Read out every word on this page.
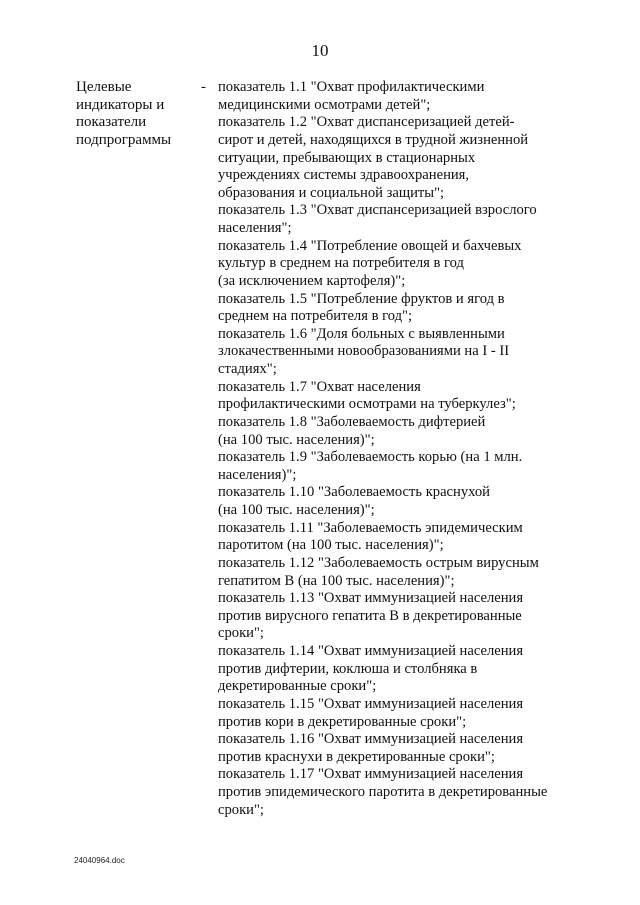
10
Целевые
индикаторы и
показатели
подпрограммы
- показатель 1.1 "Охват профилактическими
медицинскими осмотрами детей";
показатель 1.2 "Охват диспансеризацией детей-
сирот и детей, находящихся в трудной жизненной
ситуации, пребывающих в стационарных
учреждениях системы здравоохранения,
образования и социальной защиты";
показатель 1.3 "Охват диспансеризацией взрослого
населения";
показатель 1.4 "Потребление овощей и бахчевых
культур в среднем на потребителя в год
(за исключением картофеля)";
показатель 1.5 "Потребление фруктов и ягод в
среднем на потребителя в год";
показатель 1.6 "Доля больных с выявленными
злокачественными новообразованиями на I - II
стадиях";
показатель 1.7 "Охват населения
профилактическими осмотрами на туберкулез";
показатель 1.8 "Заболеваемость дифтерией
(на 100 тыс. населения)";
показатель 1.9 "Заболеваемость корью (на 1 млн.
населения)";
показатель 1.10 "Заболеваемость краснухой
(на 100 тыс. населения)";
показатель 1.11 "Заболеваемость эпидемическим
паротитом (на 100 тыс. населения)";
показатель 1.12 "Заболеваемость острым вирусным
гепатитом B (на 100 тыс. населения)";
показатель 1.13 "Охват иммунизацией населения
против вирусного гепатита B в декретированные
сроки";
показатель 1.14 "Охват иммунизацией населения
против дифтерии, коклюша и столбняка в
декретированные сроки";
показатель 1.15 "Охват иммунизацией населения
против кори в декретированные сроки";
показатель 1.16 "Охват иммунизацией населения
против краснухи в декретированные сроки";
показатель 1.17 "Охват иммунизацией населения
против эпидемического паротита в декретированные
сроки";
24040964.doc
